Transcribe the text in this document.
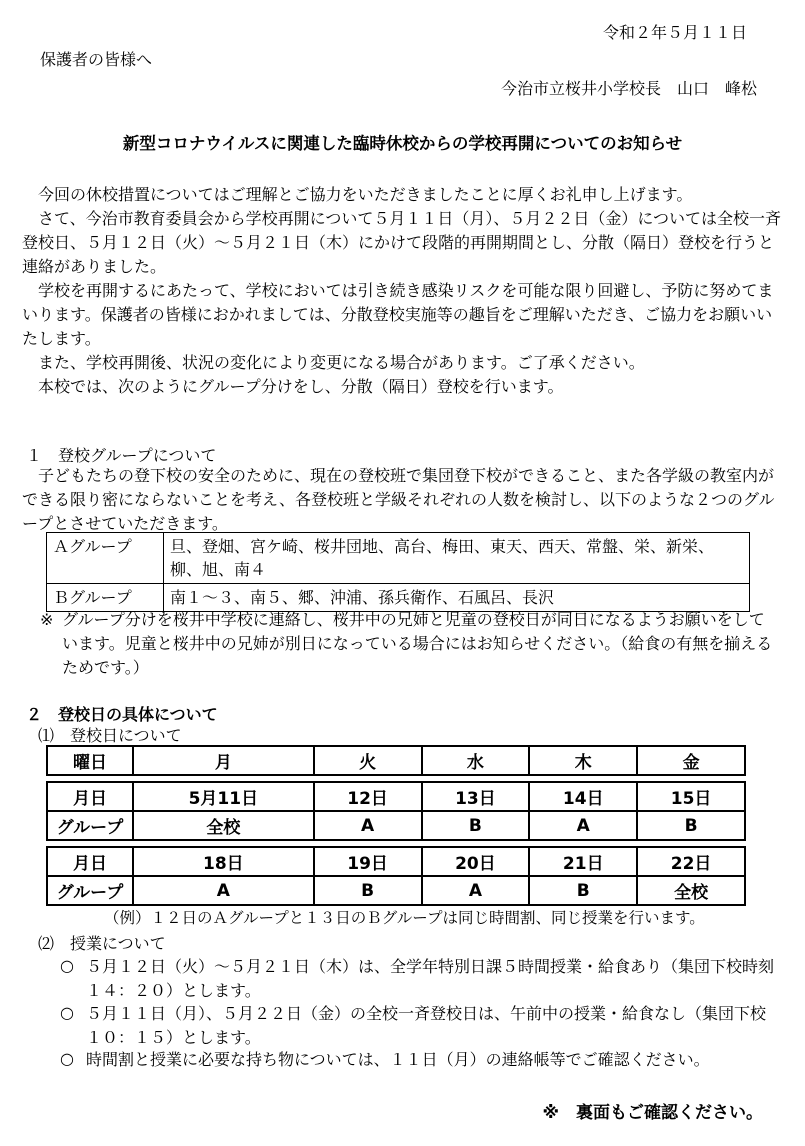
令和２年５月１１日
保護者の皆様へ
今治市立桜井小学校長　山口　峰松
新型コロナウイルスに関連した臨時休校からの学校再開についてのお知らせ

今回の休校措置についてはご理解とご協力をいただきましたことに厚くお礼申し上げます。

さて、今治市教育委員会から学校再開について５月１１日（月）、５月２２日（金）については全校一斉登校日、５月１２日（火）～５月２１日（木）にかけて段階的再開期間とし、分散（隔日）登校を行うと連絡がありました。

学校を再開するにあたって、学校においては引き続き感染リスクを可能な限り回避し、予防に努めてまいります。保護者の皆様におかれましては、分散登校実施等の趣旨をご理解いただき、ご協力をお願いいたします。

また、学校再開後、状況の変化により変更になる場合があります。ご了承ください。

本校では、次のようにグループ分けをし、分散（隔日）登校を行います。

１　登校グループについて

子どもたちの登下校の安全のために、現在の登校班で集団登下校ができること、また各学級の教室内ができる限り密にならないことを考え、各登校班と学級それぞれの人数を検討し、以下のような２つのグループとさせていただきます。

Ａグループ	旦、登畑、宮ケ崎、桜井団地、高台、梅田、東天、西天、常盤、栄、新栄、柳、旭、南４
Ｂグループ	南１～３、南５、郷、沖浦、孫兵衛作、石風呂、長沢
※ グループ分けを桜井中学校に連絡し、桜井中の兄姉と児童の登校日が同日になるようお願いをしています。児童と桜井中の兄姉が別日になっている場合にはお知らせください。（給食の有無を揃えるためです。）
２　登校日の具体について
⑴　登校日について
曜日	月	火	水	木	金

月日	5月11日	12日	13日	14日	15日
グループ	全校	A	B	A	B

月日	18日	19日	20日	21日	22日
グループ	A	B	A	B	全校
（例）１２日のＡグループと１３日のＢグループは同じ時間割、同じ授業を行います。
⑵　授業について
○ ５月１２日（火）～５月２１日（木）は、全学年特別日課５時間授業・給食あり（集団下校時刻１４：２０）とします。
○ ５月１１日（月）、５月２２日（金）の全校一斉登校日は、午前中の授業・給食なし（集団下校１０：１５）とします。
○ 時間割と授業に必要な持ち物については、１１日（月）の連絡帳等でご確認ください。
※　裏面もご確認ください。
